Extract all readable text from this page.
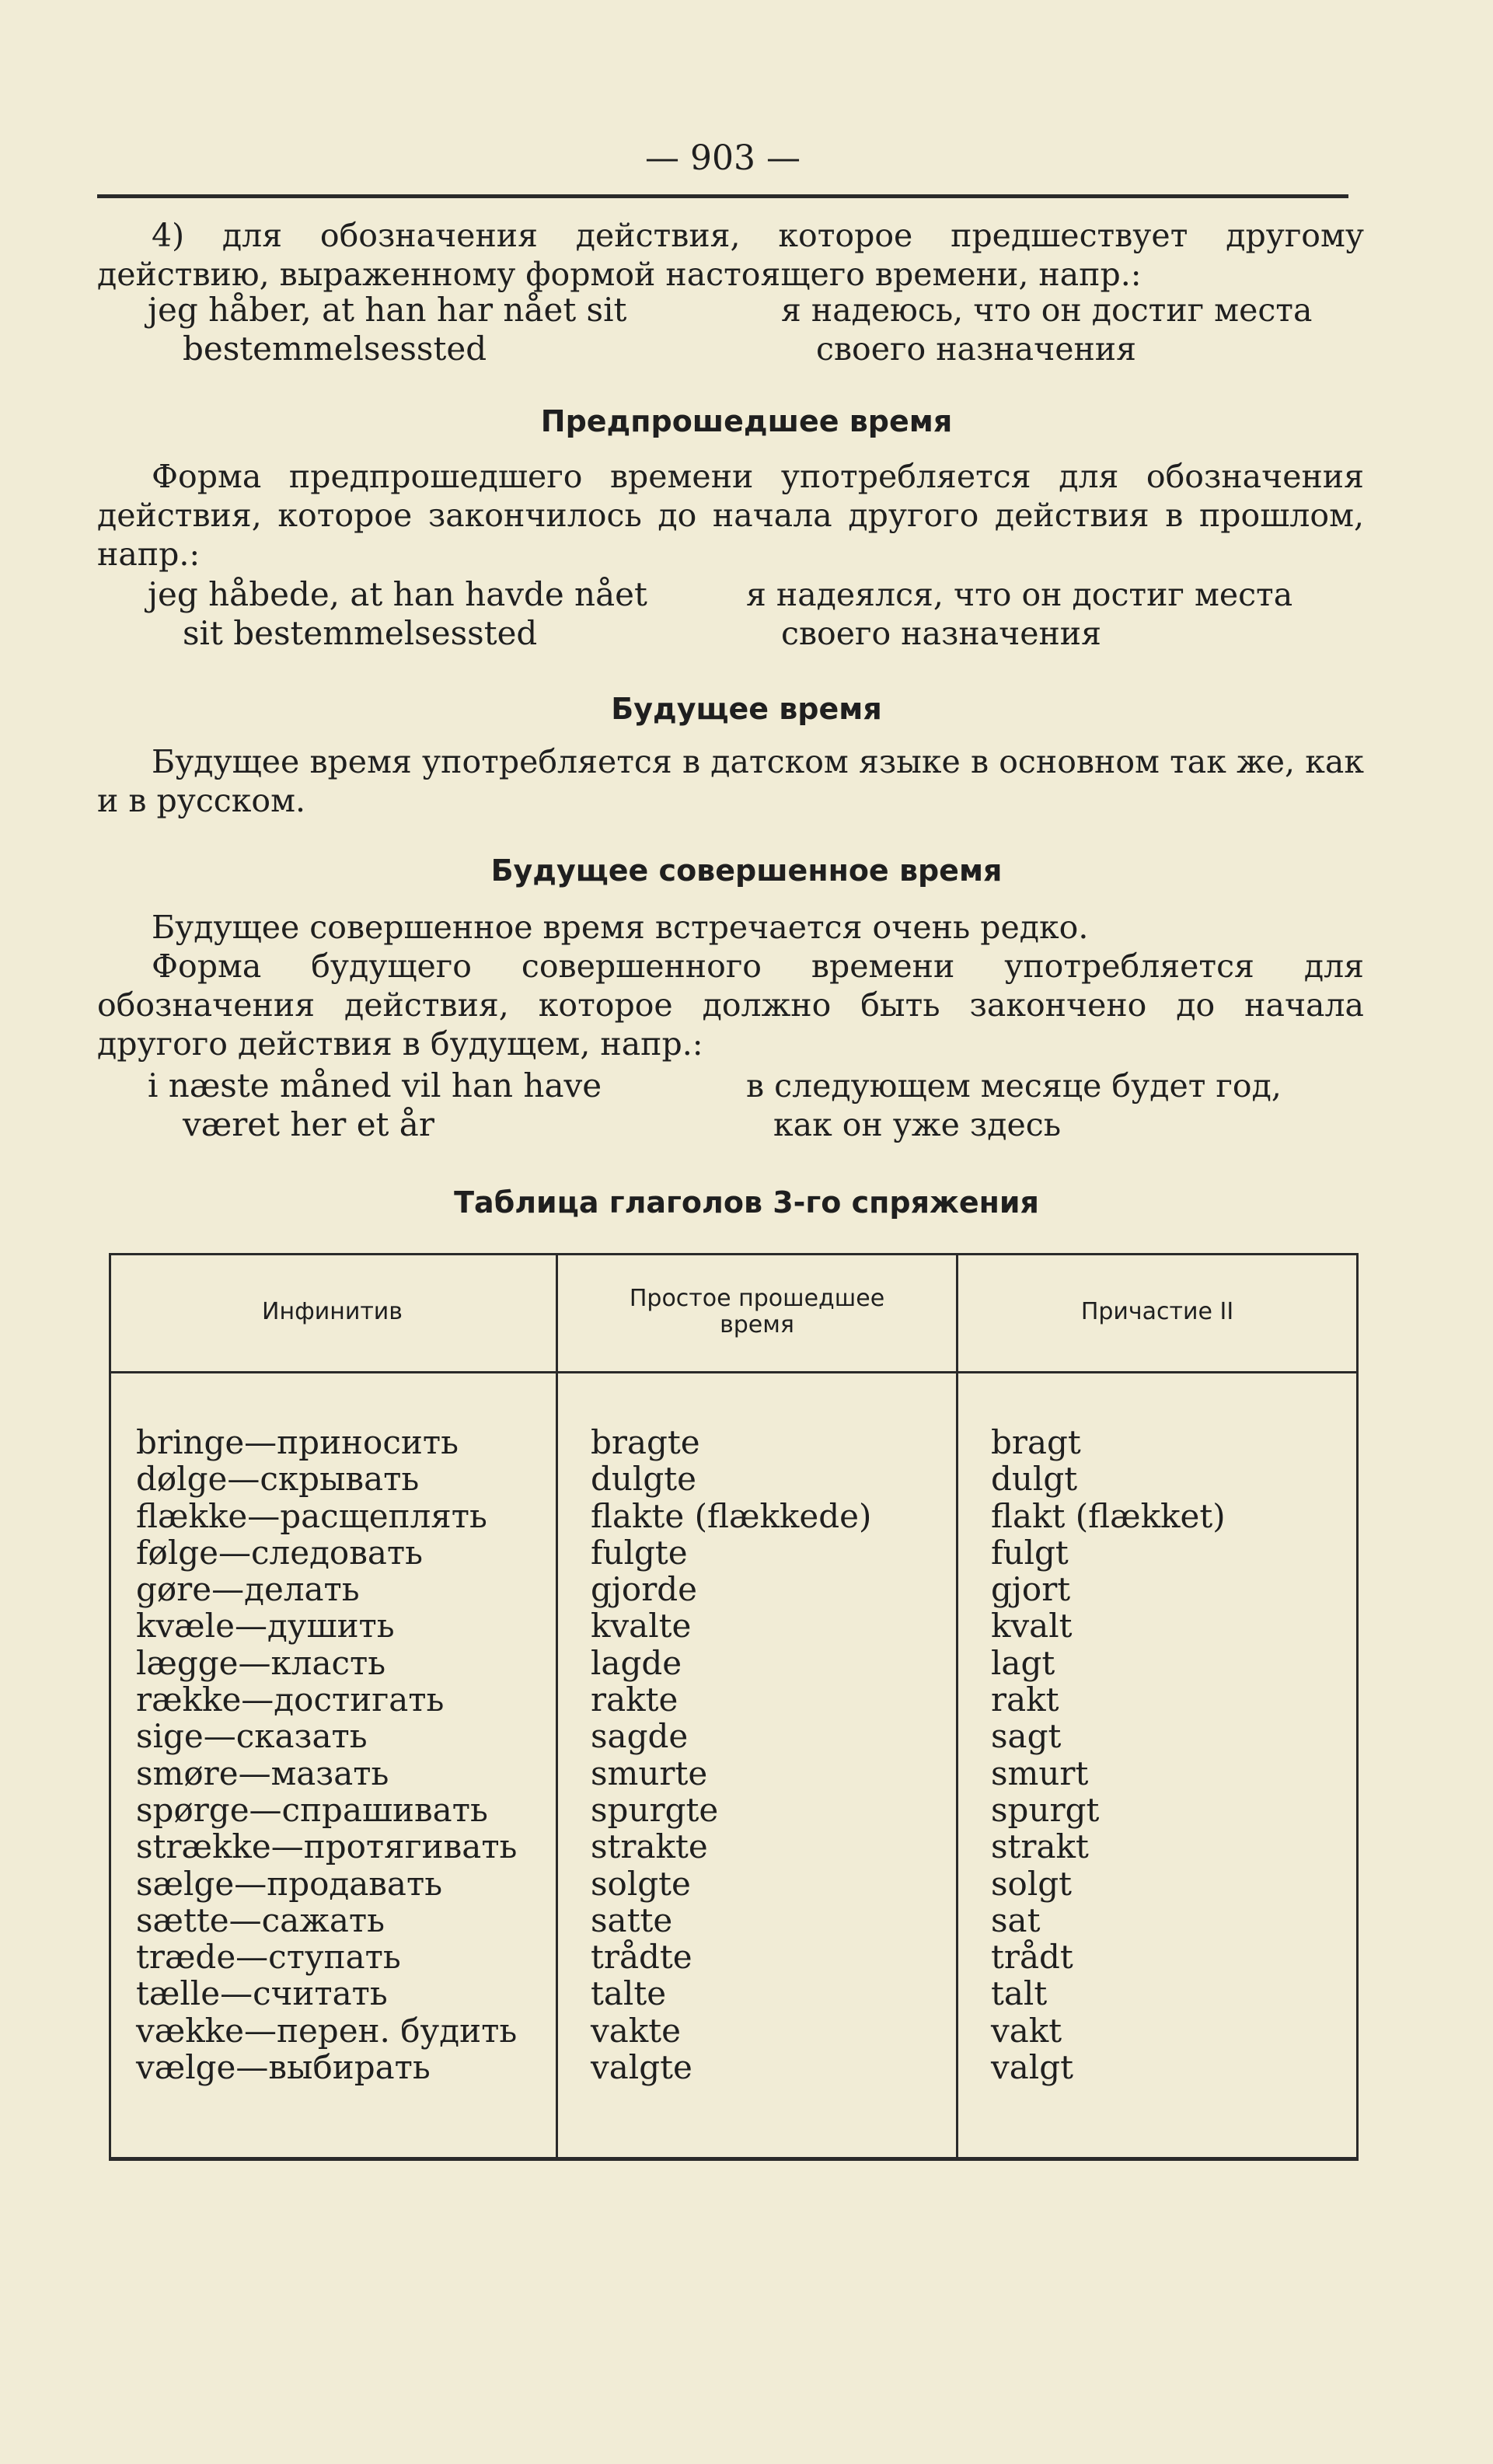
— 903 —
4) для обозначения действия, которое предшествует другому действию, выраженному формой настоящего времени, напр.:
jeg håber, at han har nået sit
bestemmelsessted
я надеюсь, что он достиг места
своего назначения
Предпрошедшее время
Форма предпрошедшего времени употребляется для обозначения действия, которое закончилось до начала другого действия в прошлом, напр.:
jeg håbede, at han havde nået
sit bestemmelsessted
я надеялся, что он достиг места
своего назначения
Будущее время
Будущее время употребляется в датском языке в основном так же, как и в русском.
Будущее совершенное время
Будущее совершенное время встречается очень редко.
Форма будущего совершенного времени употребляется для обозначения действия, которое должно быть закончено до начала другого действия в будущем, напр.:
i næste måned vil han have
været her et år
в следующем месяце будет год,
как он уже здесь
Таблица глаголов 3-го спряжения
Инфинитив	Простое прошедшее время	Причастие II
bringe—приносить
dølge—скрывать
flække—расщеплять
følge—следовать
gøre—делать
kvæle—душить
lægge—класть
række—достигать
sige—сказать
smøre—мазать
spørge—спрашивать
strække—протягивать
sælge—продавать
sætte—сажать
træde—ступать
tælle—считать
vække—перен. будить
vælge—выбирать
bragte
dulgte
flakte (flækkede)
fulgte
gjorde
kvalte
lagde
rakte
sagde
smurte
spurgte
strakte
solgte
satte
trådte
talte
vakte
valgte
bragt
dulgt
flakt (flækket)
fulgt
gjort
kvalt
lagt
rakt
sagt
smurt
spurgt
strakt
solgt
sat
trådt
talt
vakt
valgt
